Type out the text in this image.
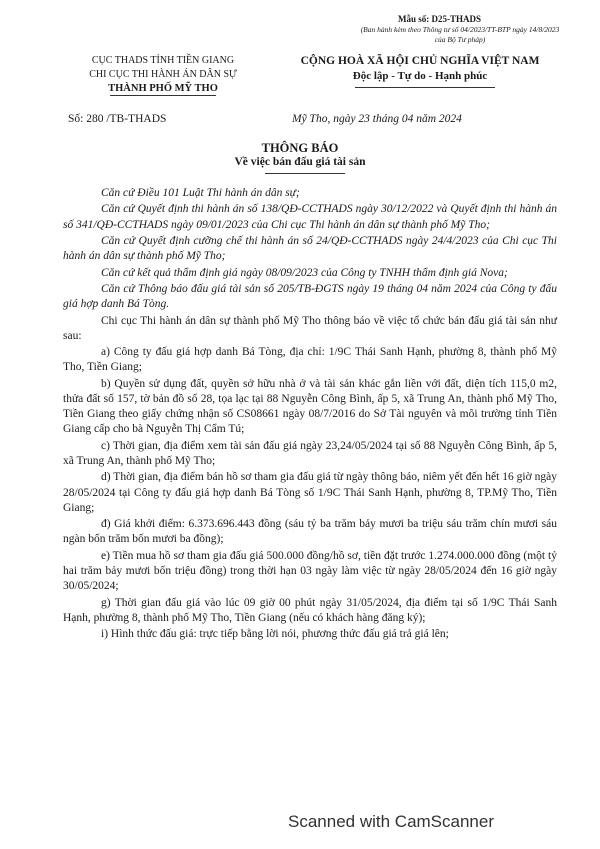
Mẫu số: D25-THADS
(Ban hành kèm theo Thông tư số 04/2023/TT-BTP ngày 14/8/2023 của Bộ Tư pháp)
CỤC THADS TỈNH TIỀN GIANG
CHI CỤC THI HÀNH ÁN DÂN SỰ
THÀNH PHỐ MỸ THO
CỘNG HOÀ XÃ HỘI CHỦ NGHĨA VIỆT NAM
Độc lập - Tự do - Hạnh phúc
Số: 280 /TB-THADS	Mỹ Tho, ngày 23 tháng 04 năm 2024
THÔNG BÁO
Về việc bán đấu giá tài sản

Căn cứ Điều 101 Luật Thi hành án dân sự;

Căn cứ Quyết định thi hành án số 138/QĐ-CCTHADS ngày 30/12/2022 và Quyết định thi hành án số 341/QĐ-CCTHADS ngày 09/01/2023 của Chi cục Thi hành án dân sự thành phố Mỹ Tho;

Căn cứ Quyết định cưỡng chế thi hành án số 24/QĐ-CCTHADS ngày 24/4/2023 của Chi cục Thi hành án dân sự thành phố Mỹ Tho;

Căn cứ kết quả thẩm định giá ngày 08/09/2023 của Công ty TNHH thẩm định giá Nova;

Căn cứ Thông báo đấu giá tài sản số 205/TB-ĐGTS ngày 19 tháng 04 năm 2024 của Công ty đấu giá hợp danh Bá Tòng.

Chi cục Thi hành án dân sự thành phố Mỹ Tho thông báo về việc tổ chức bán đấu giá tài sản như sau:

a) Công ty đấu giá hợp danh Bá Tòng, địa chỉ: 1/9C Thái Sanh Hạnh, phường 8, thành phố Mỹ Tho, Tiền Giang;

b) Quyền sử dụng đất, quyền sở hữu nhà ở và tài sản khác gắn liền với đất, diện tích 115,0 m2, thửa đất số 157, tờ bản đồ số 28, tọa lạc tại 88 Nguyễn Công Bình, ấp 5, xã Trung An, thành phố Mỹ Tho, Tiền Giang theo giấy chứng nhận số CS08661 ngày 08/7/2016 do Sở Tài nguyên và môi trường tỉnh Tiền Giang cấp cho bà Nguyễn Thị Cẩm Tú;

c) Thời gian, địa điểm xem tài sản đấu giá ngày 23,24/05/2024 tại số 88 Nguyễn Công Bình, ấp 5, xã Trung An, thành phố Mỹ Tho;

d) Thời gian, địa điểm bán hồ sơ tham gia đấu giá từ ngày thông báo, niêm yết đến hết 16 giờ ngày 28/05/2024 tại Công ty đấu giá hợp danh Bá Tòng số 1/9C Thái Sanh Hạnh, phường 8, TP.Mỹ Tho, Tiền Giang;

đ) Giá khởi điểm: 6.373.696.443 đồng (sáu tỷ ba trăm bảy mươi ba triệu sáu trăm chín mươi sáu ngàn bốn trăm bốn mươi ba đồng);

e) Tiền mua hồ sơ tham gia đấu giá 500.000 đồng/hồ sơ, tiền đặt trước 1.274.000.000 đồng (một tỷ hai trăm bảy mươi bốn triệu đồng) trong thời hạn 03 ngày làm việc từ ngày 28/05/2024 đến 16 giờ ngày 30/05/2024;

g) Thời gian đấu giá vào lúc 09 giờ 00 phút ngày 31/05/2024, địa điểm tại số 1/9C Thái Sanh Hạnh, phường 8, thành phố Mỹ Tho, Tiền Giang (nếu có khách hàng đăng ký);

i) Hình thức đấu giá: trực tiếp bằng lời nói, phương thức đấu giá trả giá lên;

Scanned with CamScanner
